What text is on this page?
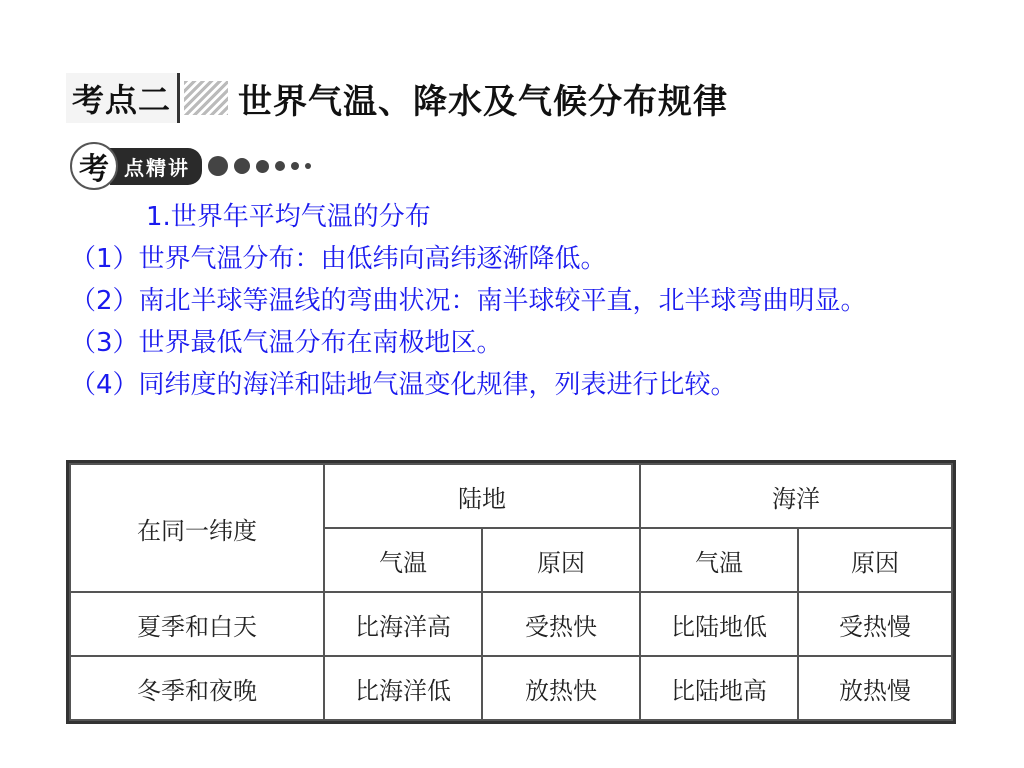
考点二 世界气温、降水及气候分布规律
考 点精讲

1.世界年平均气温的分布

（1）世界气温分布：由低纬向高纬逐渐降低。

（2）南北半球等温线的弯曲状况：南半球较平直，北半球弯曲明显。

（3）世界最低气温分布在南极地区。

（4）同纬度的海洋和陆地气温变化规律，列表进行比较。

在同一纬度	陆地		海洋	
	气温	原因	气温	原因
夏季和白天	比海洋高	受热快	比陆地低	受热慢
冬季和夜晚	比海洋低	放热快	比陆地高	放热慢
